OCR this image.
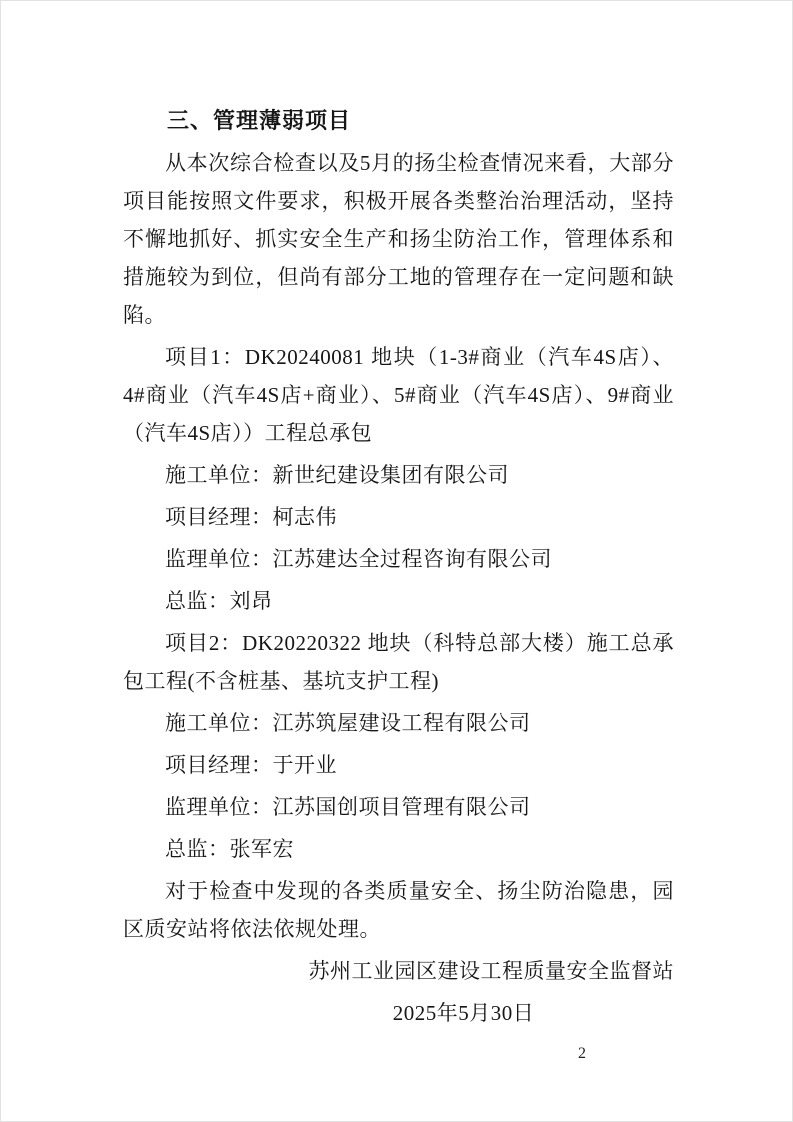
三、管理薄弱项目

从本次综合检查以及5月的扬尘检查情况来看，大部分项目能按照文件要求，积极开展各类整治治理活动，坚持不懈地抓好、抓实安全生产和扬尘防治工作，管理体系和措施较为到位，但尚有部分工地的管理存在一定问题和缺陷。

项目1：DK20240081 地块（1-3#商业（汽车4S店）、4#商业（汽车4S店+商业）、5#商业（汽车4S店）、9#商业（汽车4S店））工程总承包

施工单位：新世纪建设集团有限公司

项目经理：柯志伟

监理单位：江苏建达全过程咨询有限公司

总监：刘昂

项目2：DK20220322 地块（科特总部大楼）施工总承包工程(不含桩基、基坑支护工程)

施工单位：江苏筑屋建设工程有限公司

项目经理：于开业

监理单位：江苏国创项目管理有限公司

总监：张军宏

对于检查中发现的各类质量安全、扬尘防治隐患，园区质安站将依法依规处理。

苏州工业园区建设工程质量安全监督站

2025年5月30日

2
